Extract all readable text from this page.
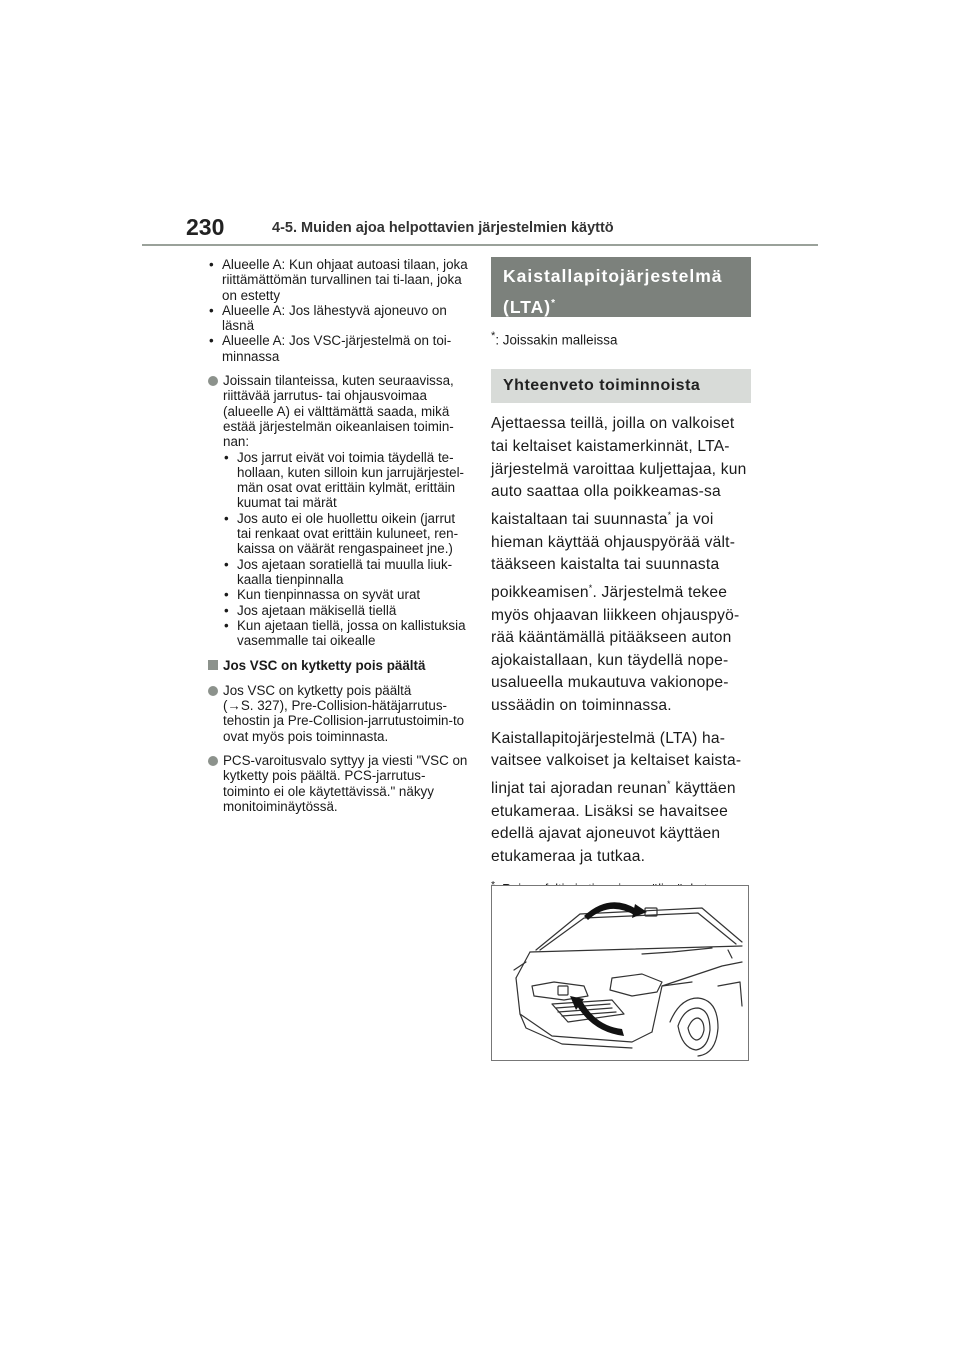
230	4-5. Muiden ajoa helpottavien järjestelmien käyttö

• Alueelle A: Kun ohjaat autoasi tilaan, joka riittämättömän turvallinen tai ti-laan, joka on estetty

• Alueelle A: Jos lähestyvä ajoneuvo on läsnä

• Alueelle A: Jos VSC-järjestelmä on toi-minnassa

Joissain tilanteissa, kuten seuraavissa, riittävää jarrutus- tai ohjausvoimaa (alueelle A) ei välttämättä saada, mikä estää järjestelmän oikeanlaisen toimin-nan:

• Jos jarrut eivät voi toimia täydellä te-hollaan, kuten silloin kun jarrujärjestel-män osat ovat erittäin kylmät, erittäin kuumat tai märät

• Jos auto ei ole huollettu oikein (jarrut tai renkaat ovat erittäin kuluneet, ren-kaissa on väärät rengaspaineet jne.)

• Jos ajetaan soratiellä tai muulla liuk-kaalla tienpinnalla

• Kun tienpinnassa on syvät urat

• Jos ajetaan mäkisellä tiellä

• Kun ajetaan tiellä, jossa on kallistuksia vasemmalle tai oikealle

Jos VSC on kytketty pois päältä

Jos VSC on kytketty pois päältä

(→S. 327), Pre-Collision-hätäjarrutus-tehostin ja Pre-Collision-jarrutustoimin-to ovat myös pois toiminnasta.

PCS-varoitusvalo syttyy ja viesti "VSC on kytketty pois päältä. PCS-jarrutus-toiminto ei ole käytettävissä." näkyy monitoiminäytössä.

Kaistallapitojärjestelmä (LTA)*

*: Joissakin malleissa

Yhteenveto toiminnoista

Ajettaessa teillä, joilla on valkoiset tai keltaiset kaistamerkinnät, LTA-järjestelmä varoittaa kuljettajaa, kun auto saattaa olla poikkeamas-sa kaistaltaan tai suunnasta* ja voi hieman käyttää ohjauspyörää vält-tääkseen kaistalta tai suunnasta poikkeamisen*. Järjestelmä tekee myös ohjaavan liikkeen ohjauspyö-rää kääntämällä pitääkseen auton ajokaistallaan, kun täydellä nope-usalueella mukautuva vakionope-ussäädin on toiminnassa.

Kaistallapitojärjestelmä (LTA) ha-vaitsee valkoiset ja keltaiset kaista-linjat tai ajoradan reunan* käyttäen etukameraa. Lisäksi se havaitsee edellä ajavat ajoneuvot käyttäen etukameraa ja tutkaa.
